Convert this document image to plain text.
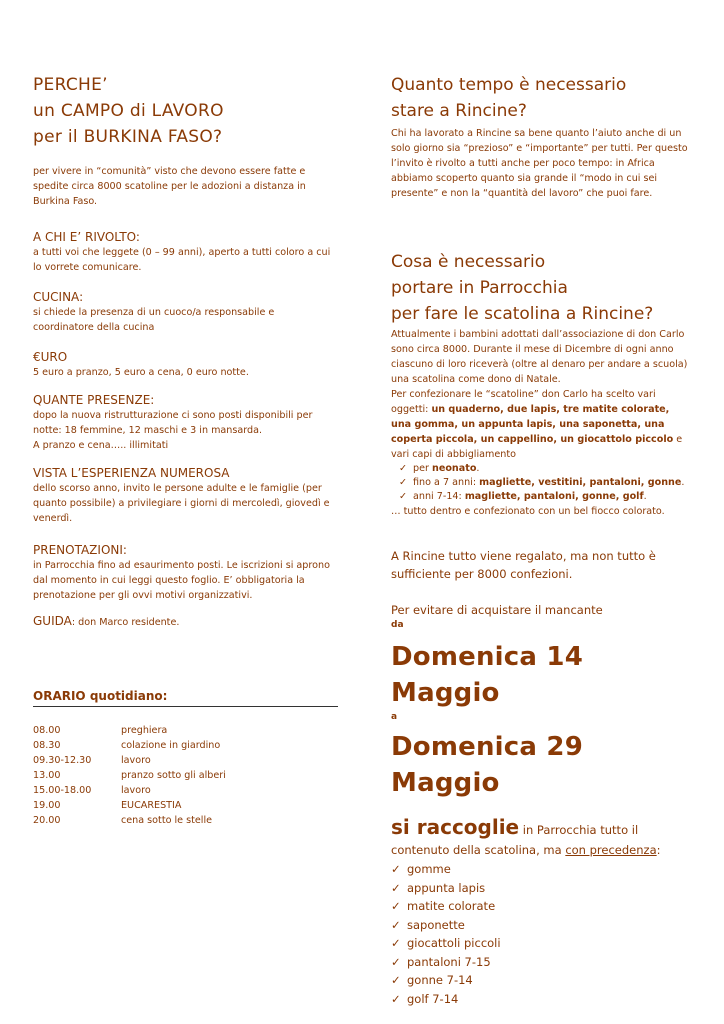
PERCHE’

un CAMPO di LAVORO

per il BURKINA FASO?

per vivere in “comunità” visto che devono essere fatte e spedite circa 8000 scatoline per le adozioni a distanza in Burkina Faso.

A CHI E’ RIVOLTO:

a tutti voi che leggete (0 – 99 anni), aperto a tutti coloro a cui lo vorrete comunicare.

CUCINA:

si chiede la presenza di un cuoco/a responsabile e coordinatore della cucina

€URO

5 euro a pranzo, 5 euro a cena, 0 euro notte.

QUANTE PRESENZE:

dopo la nuova ristrutturazione ci sono posti disponibili per notte: 18 femmine, 12 maschi e 3 in mansarda.

A pranzo e cena….. illimitati

VISTA L’ESPERIENZA NUMEROSA

dello scorso anno, invito le persone adulte e le famiglie (per quanto possibile) a privilegiare i giorni di mercoledì, giovedì e venerdì.

PRENOTAZIONI:

in Parrocchia fino ad esaurimento posti. Le iscrizioni si aprono dal momento in cui leggi questo foglio. E’ obbligatoria la prenotazione per gli ovvi motivi organizzativi.

GUIDA: don Marco residente.

ORARIO quotidiano:

08.00	preghiera
08.30	colazione in giardino
09.30-12.30	lavoro
13.00	pranzo sotto gli alberi
15.00-18.00	lavoro
19.00	EUCARESTIA
20.00	cena sotto le stelle

Quanto tempo è necessario

stare a Rincine?

Chi ha lavorato a Rincine sa bene quanto l’aiuto anche di un solo giorno sia “prezioso” e “importante” per tutti. Per questo l’invito è rivolto a tutti anche per poco tempo: in Africa abbiamo scoperto quanto sia grande il “modo in cui sei presente” e non la “quantità del lavoro” che puoi fare.

Cosa è necessario

portare in Parrocchia

per fare le scatolina a Rincine?

Attualmente i bambini adottati dall’associazione di don Carlo sono circa 8000. Durante il mese di Dicembre di ogni anno ciascuno di loro riceverà (oltre al denaro per andare a scuola) una scatolina come dono di Natale.

Per confezionare le “scatoline” don Carlo ha scelto vari oggetti: un quaderno, due lapis, tre matite colorate, una gomma, un appunta lapis, una saponetta, una coperta piccola, un cappellino, un giocattolo piccolo e vari capi di abbigliamento

✓ per neonato.
✓ fino a 7 anni: magliette, vestitini, pantaloni, gonne.
✓ anni 7-14: magliette, pantaloni, gonne, golf.

… tutto dentro e confezionato con un bel fiocco colorato.

A Rincine tutto viene regalato, ma non tutto è sufficiente per 8000 confezioni.

Per evitare di acquistare il mancante

da

Domenica 14 Maggio

a

Domenica 29 Maggio

si raccoglie in Parrocchia tutto il contenuto della scatolina, ma con precedenza:

✓ gomme
✓ appunta lapis
✓ matite colorate
✓ saponette
✓ giocattoli piccoli
✓ pantaloni 7-15
✓ gonne 7-14
✓ golf 7-14
